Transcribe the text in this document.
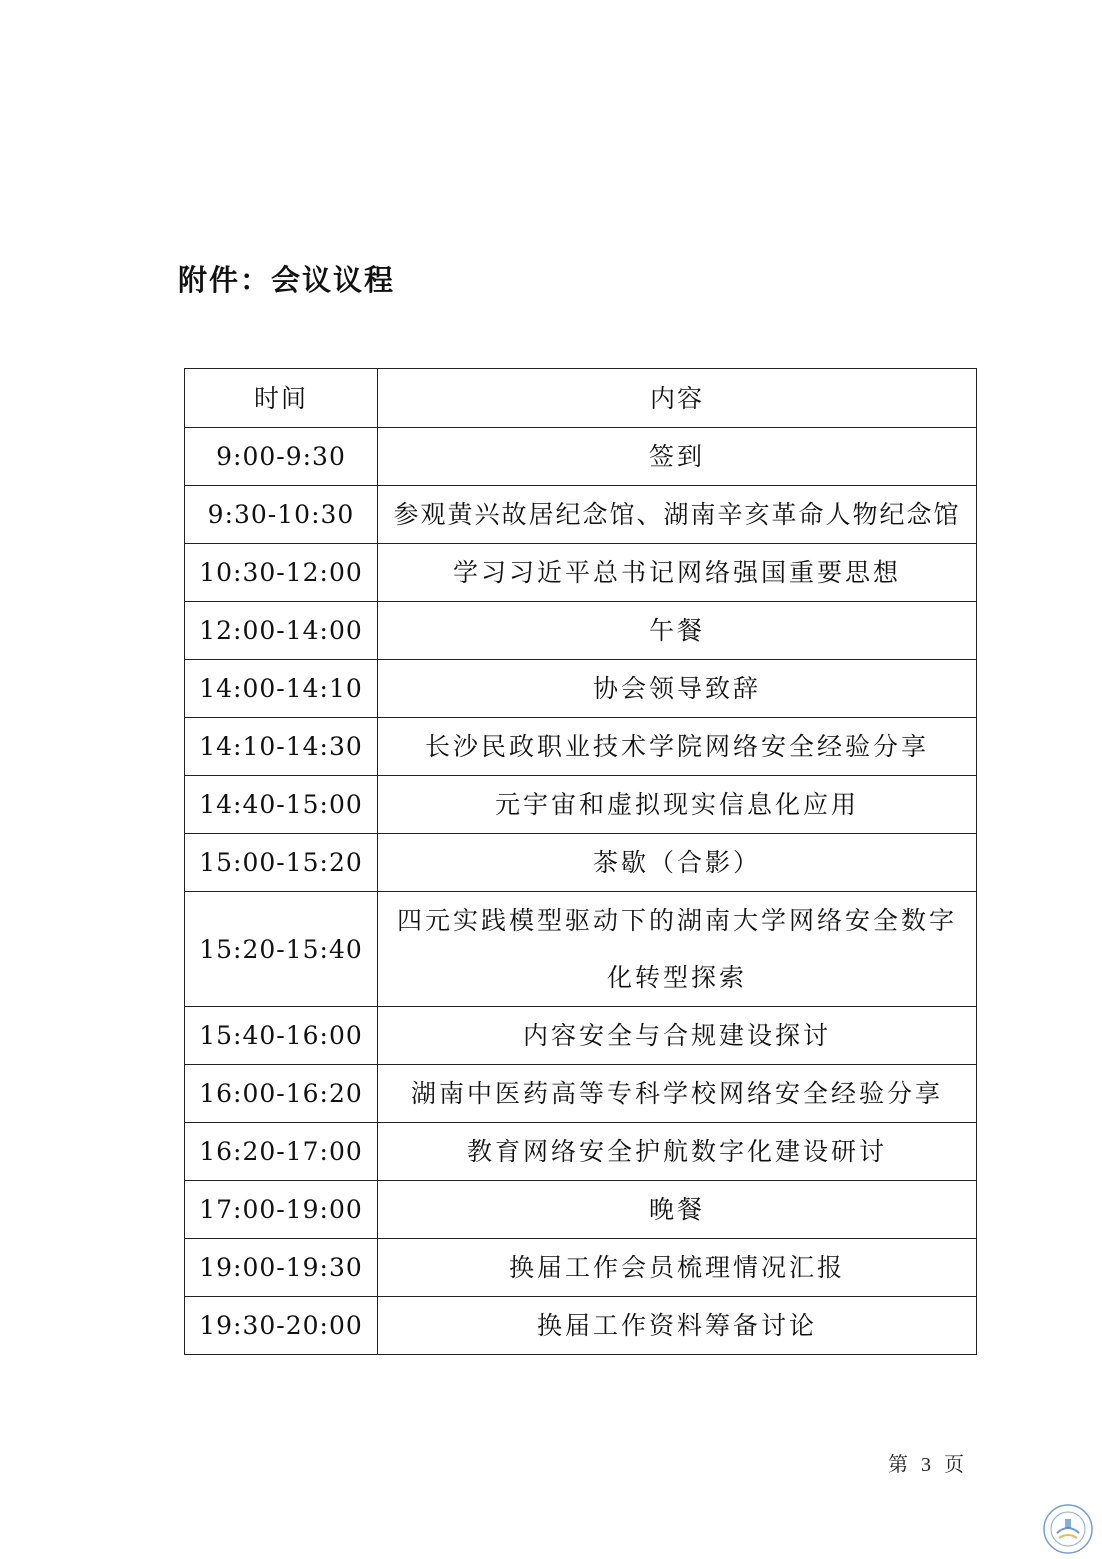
附件：会议议程
时间	内容
9:00-9:30	签到
9:30-10:30	参观黄兴故居纪念馆、湖南辛亥革命人物纪念馆
10:30-12:00	学习习近平总书记网络强国重要思想
12:00-14:00	午餐
14:00-14:10	协会领导致辞
14:10-14:30	长沙民政职业技术学院网络安全经验分享
14:40-15:00	元宇宙和虚拟现实信息化应用
15:00-15:20	茶歇（合影）
15:20-15:40	四元实践模型驱动下的湖南大学网络安全数字化转型探索
15:40-16:00	内容安全与合规建设探讨
16:00-16:20	湖南中医药高等专科学校网络安全经验分享
16:20-17:00	教育网络安全护航数字化建设研讨
17:00-19:00	晚餐
19:00-19:30	换届工作会员梳理情况汇报
19:30-20:00	换届工作资料筹备讨论
第 3 页
